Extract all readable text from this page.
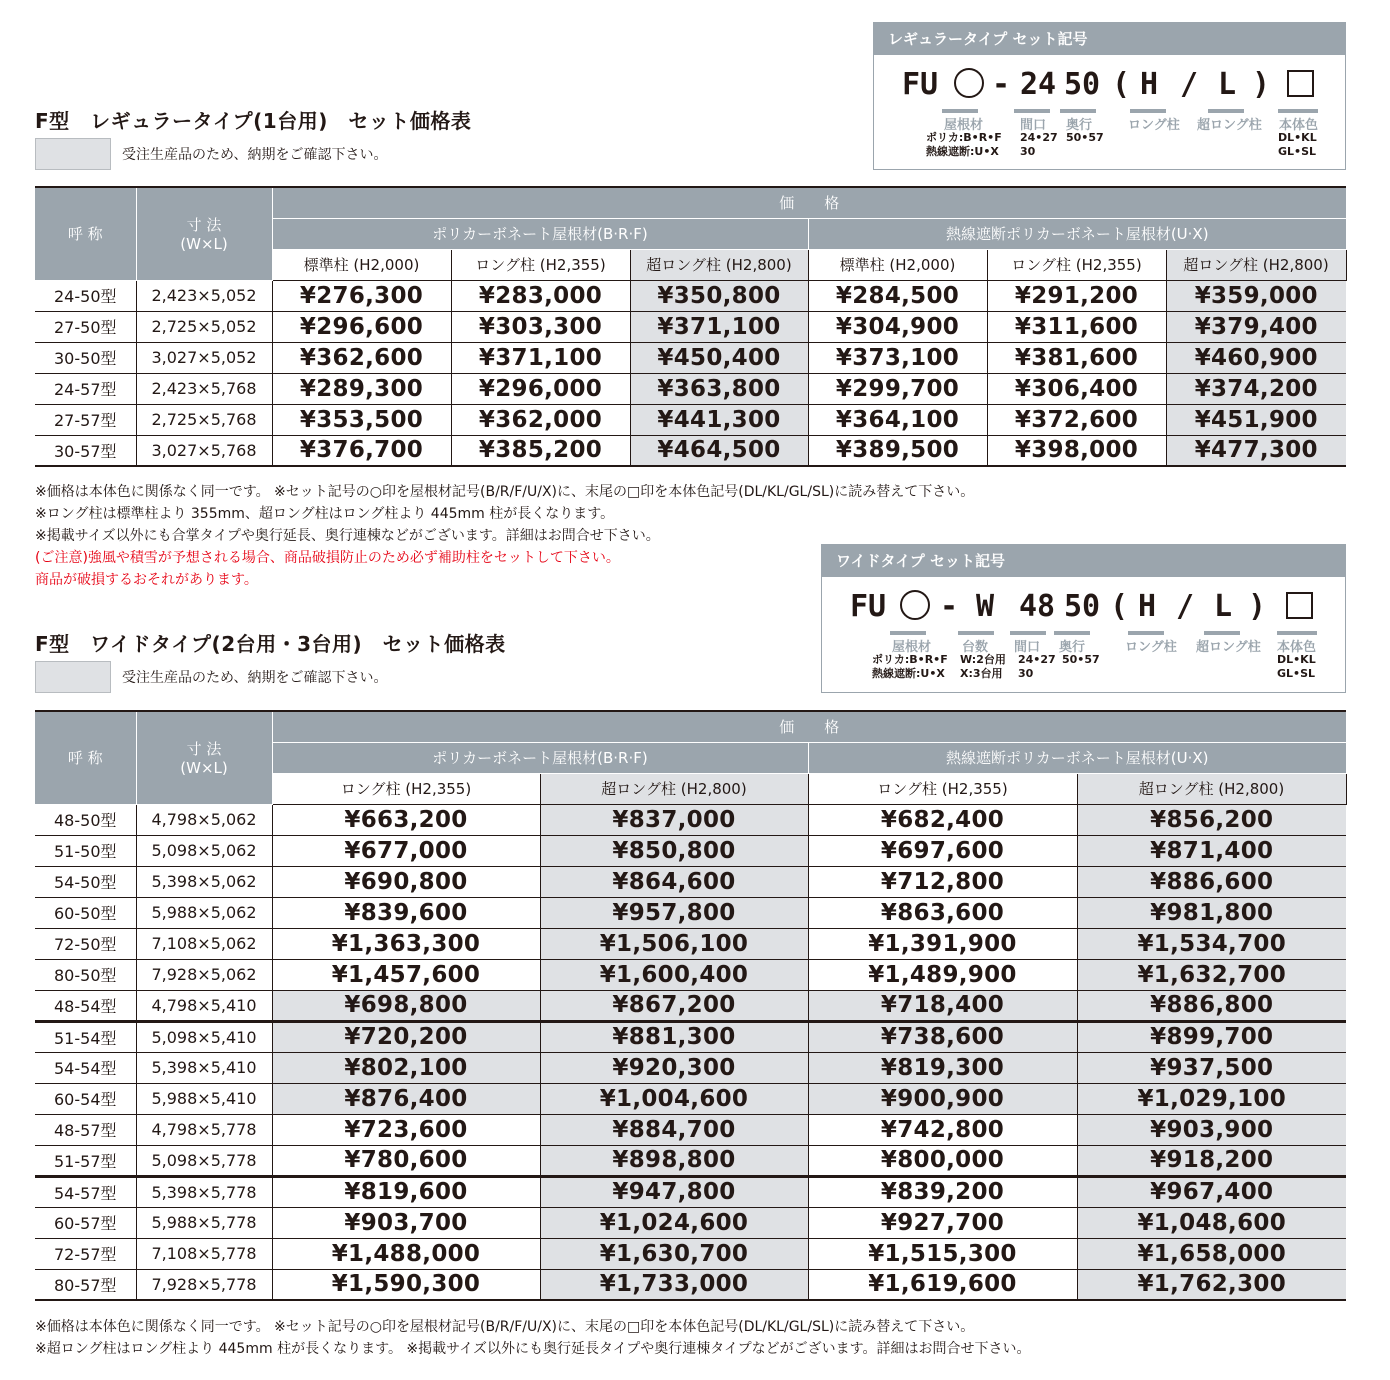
レギュラータイプ セット記号
FU - 24 50 ( H / L )
屋根材	間口 奥行	ロング柱 超ロング柱 本体色
ポリカ:B•R•F
熱線遮断:U•X
24•27
30
50•57	DL•KL
GL•SL
F型　レギュラータイプ(1台用)　セット価格表
受注生産品のため、納期をご確認下さい。
呼 称	寸 法
(W×L)	価　　格					
		ポリカーボネート屋根材(B·R·F)			熱線遮断ポリカーボネート屋根材(U·X)		
		標準柱 (H2,000)	ロング柱 (H2,355)	超ロング柱 (H2,800)	標準柱 (H2,000)	ロング柱 (H2,355)	超ロング柱 (H2,800)
24-50型	2,423×5,052	¥276,300	¥283,000	¥350,800	¥284,500	¥291,200	¥359,000
27-50型	2,725×5,052	¥296,600	¥303,300	¥371,100	¥304,900	¥311,600	¥379,400
30-50型	3,027×5,052	¥362,600	¥371,100	¥450,400	¥373,100	¥381,600	¥460,900
24-57型	2,423×5,768	¥289,300	¥296,000	¥363,800	¥299,700	¥306,400	¥374,200
27-57型	2,725×5,768	¥353,500	¥362,000	¥441,300	¥364,100	¥372,600	¥451,900
30-57型	3,027×5,768	¥376,700	¥385,200	¥464,500	¥389,500	¥398,000	¥477,300
※価格は本体色に関係なく同一です。 ※セット記号の○印を屋根材記号(B/R/F/U/X)に、末尾の□印を本体色記号(DL/KL/GL/SL)に読み替えて下さい。
※ロング柱は標準柱より 355mm、超ロング柱はロング柱より 445mm 柱が長くなります。
※掲載サイズ以外にも合掌タイプや奥行延長、奥行連棟などがございます。詳細はお問合せ下さい。
(ご注意)強風や積雪が予想される場合、商品破損防止のため必ず補助柱をセットして下さい。
商品が破損するおそれがあります。
ワイドタイプ セット記号
FU - W 48 50 ( H / L )
屋根材 台数 間口 奥行	ロング柱 超ロング柱 本体色
ポリカ:B•R•F
熱線遮断:U•X
W:2台用
X:3台用
24•27
30
50•57	DL•KL
GL•SL
F型　ワイドタイプ(2台用・3台用)　セット価格表
受注生産品のため、納期をご確認下さい。
呼 称	寸 法
(W×L)	価　　格			
		ポリカーボネート屋根材(B·R·F)		熱線遮断ポリカーボネート屋根材(U·X)	
		ロング柱 (H2,355)	超ロング柱 (H2,800)	ロング柱 (H2,355)	超ロング柱 (H2,800)
48-50型	4,798×5,062	¥663,200	¥837,000	¥682,400	¥856,200
51-50型	5,098×5,062	¥677,000	¥850,800	¥697,600	¥871,400
54-50型	5,398×5,062	¥690,800	¥864,600	¥712,800	¥886,600
60-50型	5,988×5,062	¥839,600	¥957,800	¥863,600	¥981,800
72-50型	7,108×5,062	¥1,363,300	¥1,506,100	¥1,391,900	¥1,534,700
80-50型	7,928×5,062	¥1,457,600	¥1,600,400	¥1,489,900	¥1,632,700
48-54型	4,798×5,410	¥698,800	¥867,200	¥718,400	¥886,800
51-54型	5,098×5,410	¥720,200	¥881,300	¥738,600	¥899,700
54-54型	5,398×5,410	¥802,100	¥920,300	¥819,300	¥937,500
60-54型	5,988×5,410	¥876,400	¥1,004,600	¥900,900	¥1,029,100
48-57型	4,798×5,778	¥723,600	¥884,700	¥742,800	¥903,900
51-57型	5,098×5,778	¥780,600	¥898,800	¥800,000	¥918,200
54-57型	5,398×5,778	¥819,600	¥947,800	¥839,200	¥967,400
60-57型	5,988×5,778	¥903,700	¥1,024,600	¥927,700	¥1,048,600
72-57型	7,108×5,778	¥1,488,000	¥1,630,700	¥1,515,300	¥1,658,000
80-57型	7,928×5,778	¥1,590,300	¥1,733,000	¥1,619,600	¥1,762,300
※価格は本体色に関係なく同一です。 ※セット記号の○印を屋根材記号(B/R/F/U/X)に、末尾の□印を本体色記号(DL/KL/GL/SL)に読み替えて下さい。
※超ロング柱はロング柱より 445mm 柱が長くなります。 ※掲載サイズ以外にも奥行延長タイプや奥行連棟タイプなどがございます。詳細はお問合せ下さい。
